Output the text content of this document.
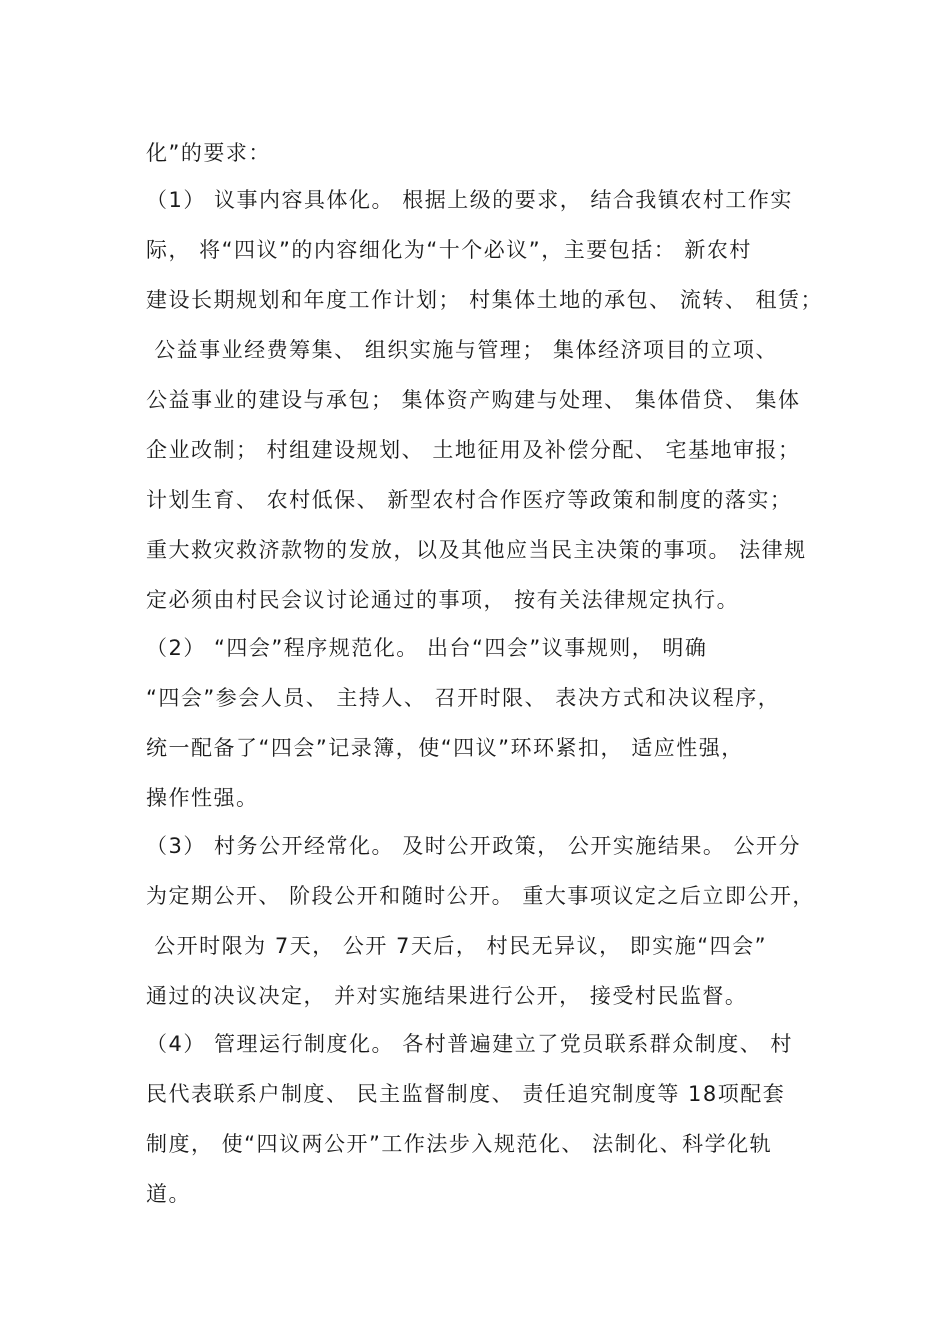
化”的要求：
（1） 议事内容具体化。 根据上级的要求， 结合我镇农村工作实
际， 将“四议”的内容细化为“十个必议”，主要包括： 新农村
建设长期规划和年度工作计划； 村集体土地的承包、 流转、 租赁；
公益事业经费筹集、 组织实施与管理； 集体经济项目的立项、
公益事业的建设与承包； 集体资产购建与处理、 集体借贷、 集体
企业改制； 村组建设规划、 土地征用及补偿分配、 宅基地审报；
计划生育、 农村低保、 新型农村合作医疗等政策和制度的落实；
重大救灾救济款物的发放，以及其他应当民主决策的事项。 法律规
定必须由村民会议讨论通过的事项， 按有关法律规定执行。
（2） “四会”程序规范化。 出台“四会”议事规则， 明确
“四会”参会人员、 主持人、 召开时限、 表决方式和决议程序，
统一配备了“四会”记录簿，使“四议”环环紧扣， 适应性强，
操作性强。
（3） 村务公开经常化。 及时公开政策， 公开实施结果。 公开分
为定期公开、 阶段公开和随时公开。 重大事项议定之后立即公开，
公开时限为 7天， 公开 7天后， 村民无异议， 即实施“四会”
通过的决议决定， 并对实施结果进行公开， 接受村民监督。
（4） 管理运行制度化。 各村普遍建立了党员联系群众制度、 村
民代表联系户制度、 民主监督制度、 责任追究制度等 18项配套
制度， 使“四议两公开”工作法步入规范化、 法制化、科学化轨
道。
